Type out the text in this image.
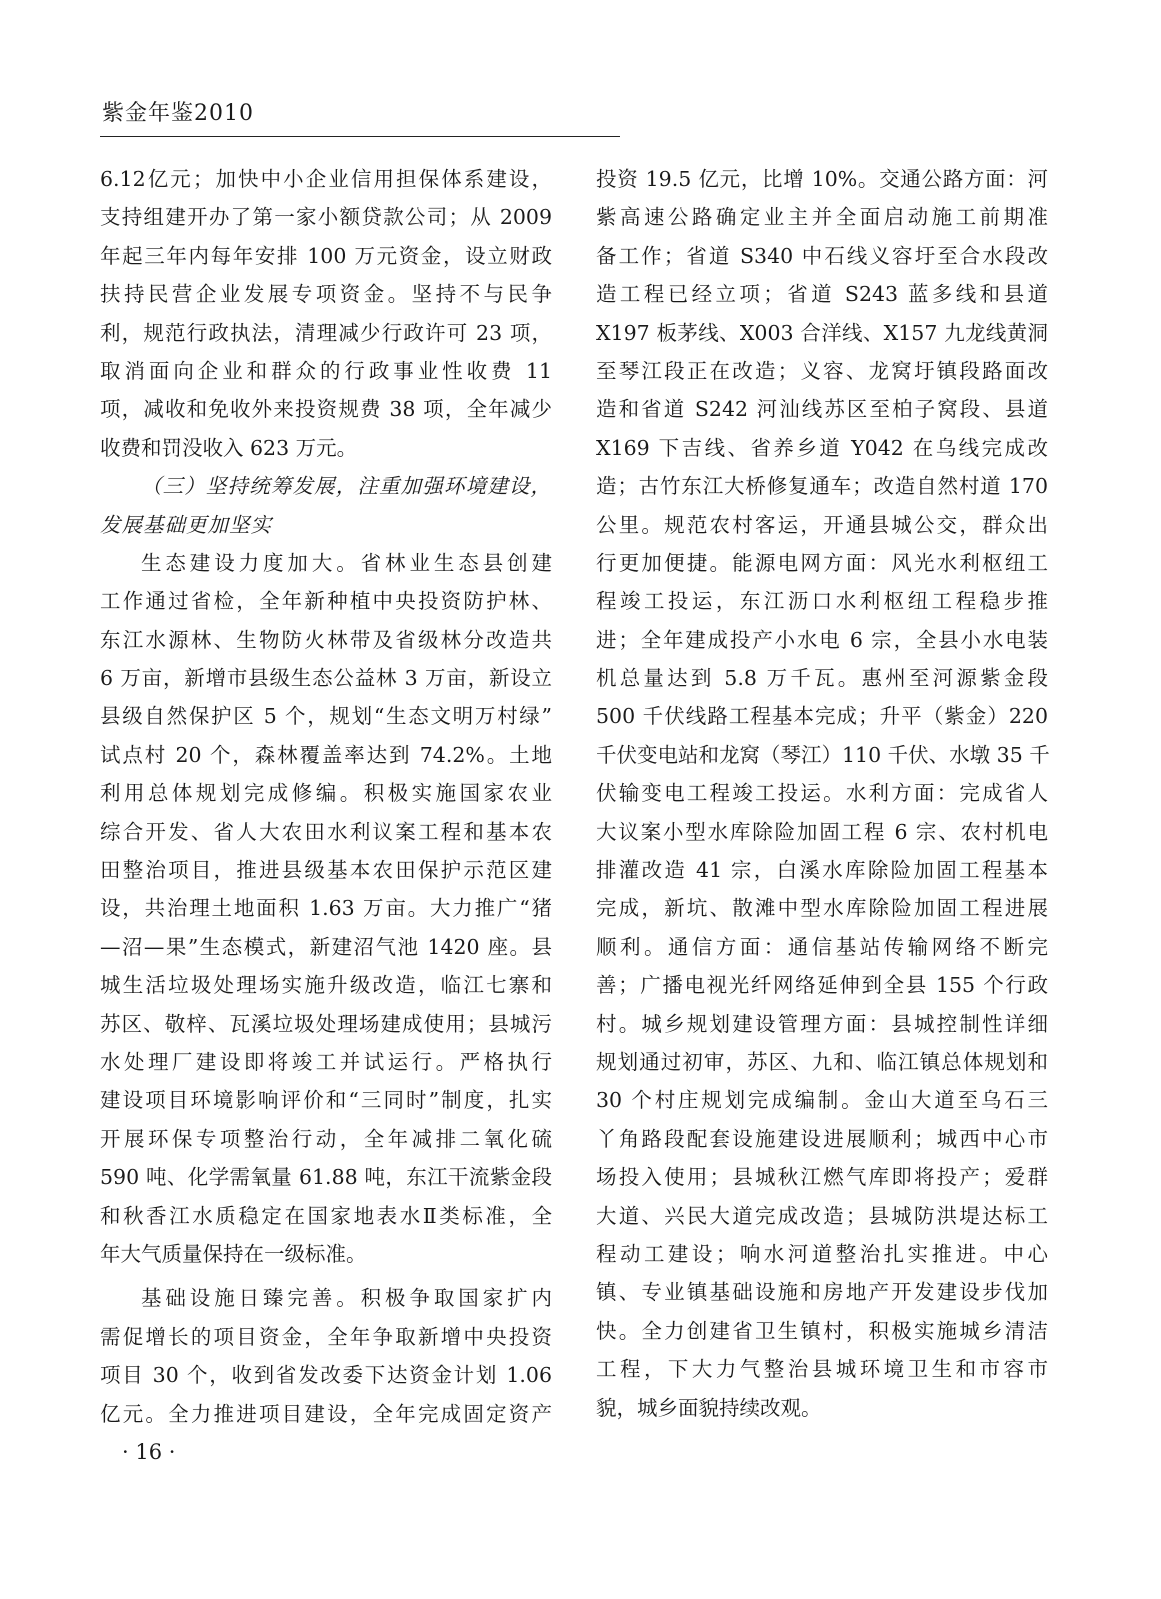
紫金年鉴2010
6.12亿元；加快中小企业信用担保体系建设，
支持组建开办了第一家小额贷款公司；从 2009
年起三年内每年安排 100 万元资金，设立财政
扶持民营企业发展专项资金。坚持不与民争
利，规范行政执法，清理减少行政许可 23 项，
取消面向企业和群众的行政事业性收费 11
项，减收和免收外来投资规费 38 项，全年减少
收费和罚没收入 623 万元。
（三）坚持统筹发展，注重加强环境建设，
发展基础更加坚实
生态建设力度加大。省林业生态县创建
工作通过省检，全年新种植中央投资防护林、
东江水源林、生物防火林带及省级林分改造共
6 万亩，新增市县级生态公益林 3 万亩，新设立
县级自然保护区 5 个，规划“生态文明万村绿”
试点村 20 个，森林覆盖率达到 74.2%。土地
利用总体规划完成修编。积极实施国家农业
综合开发、省人大农田水利议案工程和基本农
田整治项目，推进县级基本农田保护示范区建
设，共治理土地面积 1.63 万亩。大力推广“猪
—沼—果”生态模式，新建沼气池 1420 座。县
城生活垃圾处理场实施升级改造，临江七寨和
苏区、敬梓、瓦溪垃圾处理场建成使用；县城污
水处理厂建设即将竣工并试运行。严格执行
建设项目环境影响评价和“三同时”制度，扎实
开展环保专项整治行动，全年减排二氧化硫
590 吨、化学需氧量 61.88 吨，东江干流紫金段
和秋香江水质稳定在国家地表水Ⅱ类标准，全
年大气质量保持在一级标准。
基础设施日臻完善。积极争取国家扩内
需促增长的项目资金，全年争取新增中央投资
项目 30 个，收到省发改委下达资金计划 1.06
亿元。全力推进项目建设，全年完成固定资产
投资 19.5 亿元，比增 10%。交通公路方面：河
紫高速公路确定业主并全面启动施工前期准
备工作；省道 S340 中石线义容圩至合水段改
造工程已经立项；省道 S243 蓝多线和县道
X197 板茅线、X003 合洋线、X157 九龙线黄洞
至琴江段正在改造；义容、龙窝圩镇段路面改
造和省道 S242 河汕线苏区至柏子窝段、县道
X169 下吉线、省养乡道 Y042 在乌线完成改
造；古竹东江大桥修复通车；改造自然村道 170
公里。规范农村客运，开通县城公交，群众出
行更加便捷。能源电网方面：风光水利枢纽工
程竣工投运，东江沥口水利枢纽工程稳步推
进；全年建成投产小水电 6 宗，全县小水电装
机总量达到 5.8 万千瓦。惠州至河源紫金段
500 千伏线路工程基本完成；升平（紫金）220
千伏变电站和龙窝（琴江）110 千伏、水墩 35 千
伏输变电工程竣工投运。水利方面：完成省人
大议案小型水库除险加固工程 6 宗、农村机电
排灌改造 41 宗，白溪水库除险加固工程基本
完成，新坑、散滩中型水库除险加固工程进展
顺利。通信方面：通信基站传输网络不断完
善；广播电视光纤网络延伸到全县 155 个行政
村。城乡规划建设管理方面：县城控制性详细
规划通过初审，苏区、九和、临江镇总体规划和
30 个村庄规划完成编制。金山大道至乌石三
丫角路段配套设施建设进展顺利；城西中心市
场投入使用；县城秋江燃气库即将投产；爱群
大道、兴民大道完成改造；县城防洪堤达标工
程动工建设；响水河道整治扎实推进。中心
镇、专业镇基础设施和房地产开发建设步伐加
快。全力创建省卫生镇村，积极实施城乡清洁
工程，下大力气整治县城环境卫生和市容市
貌，城乡面貌持续改观。
· 16 ·
